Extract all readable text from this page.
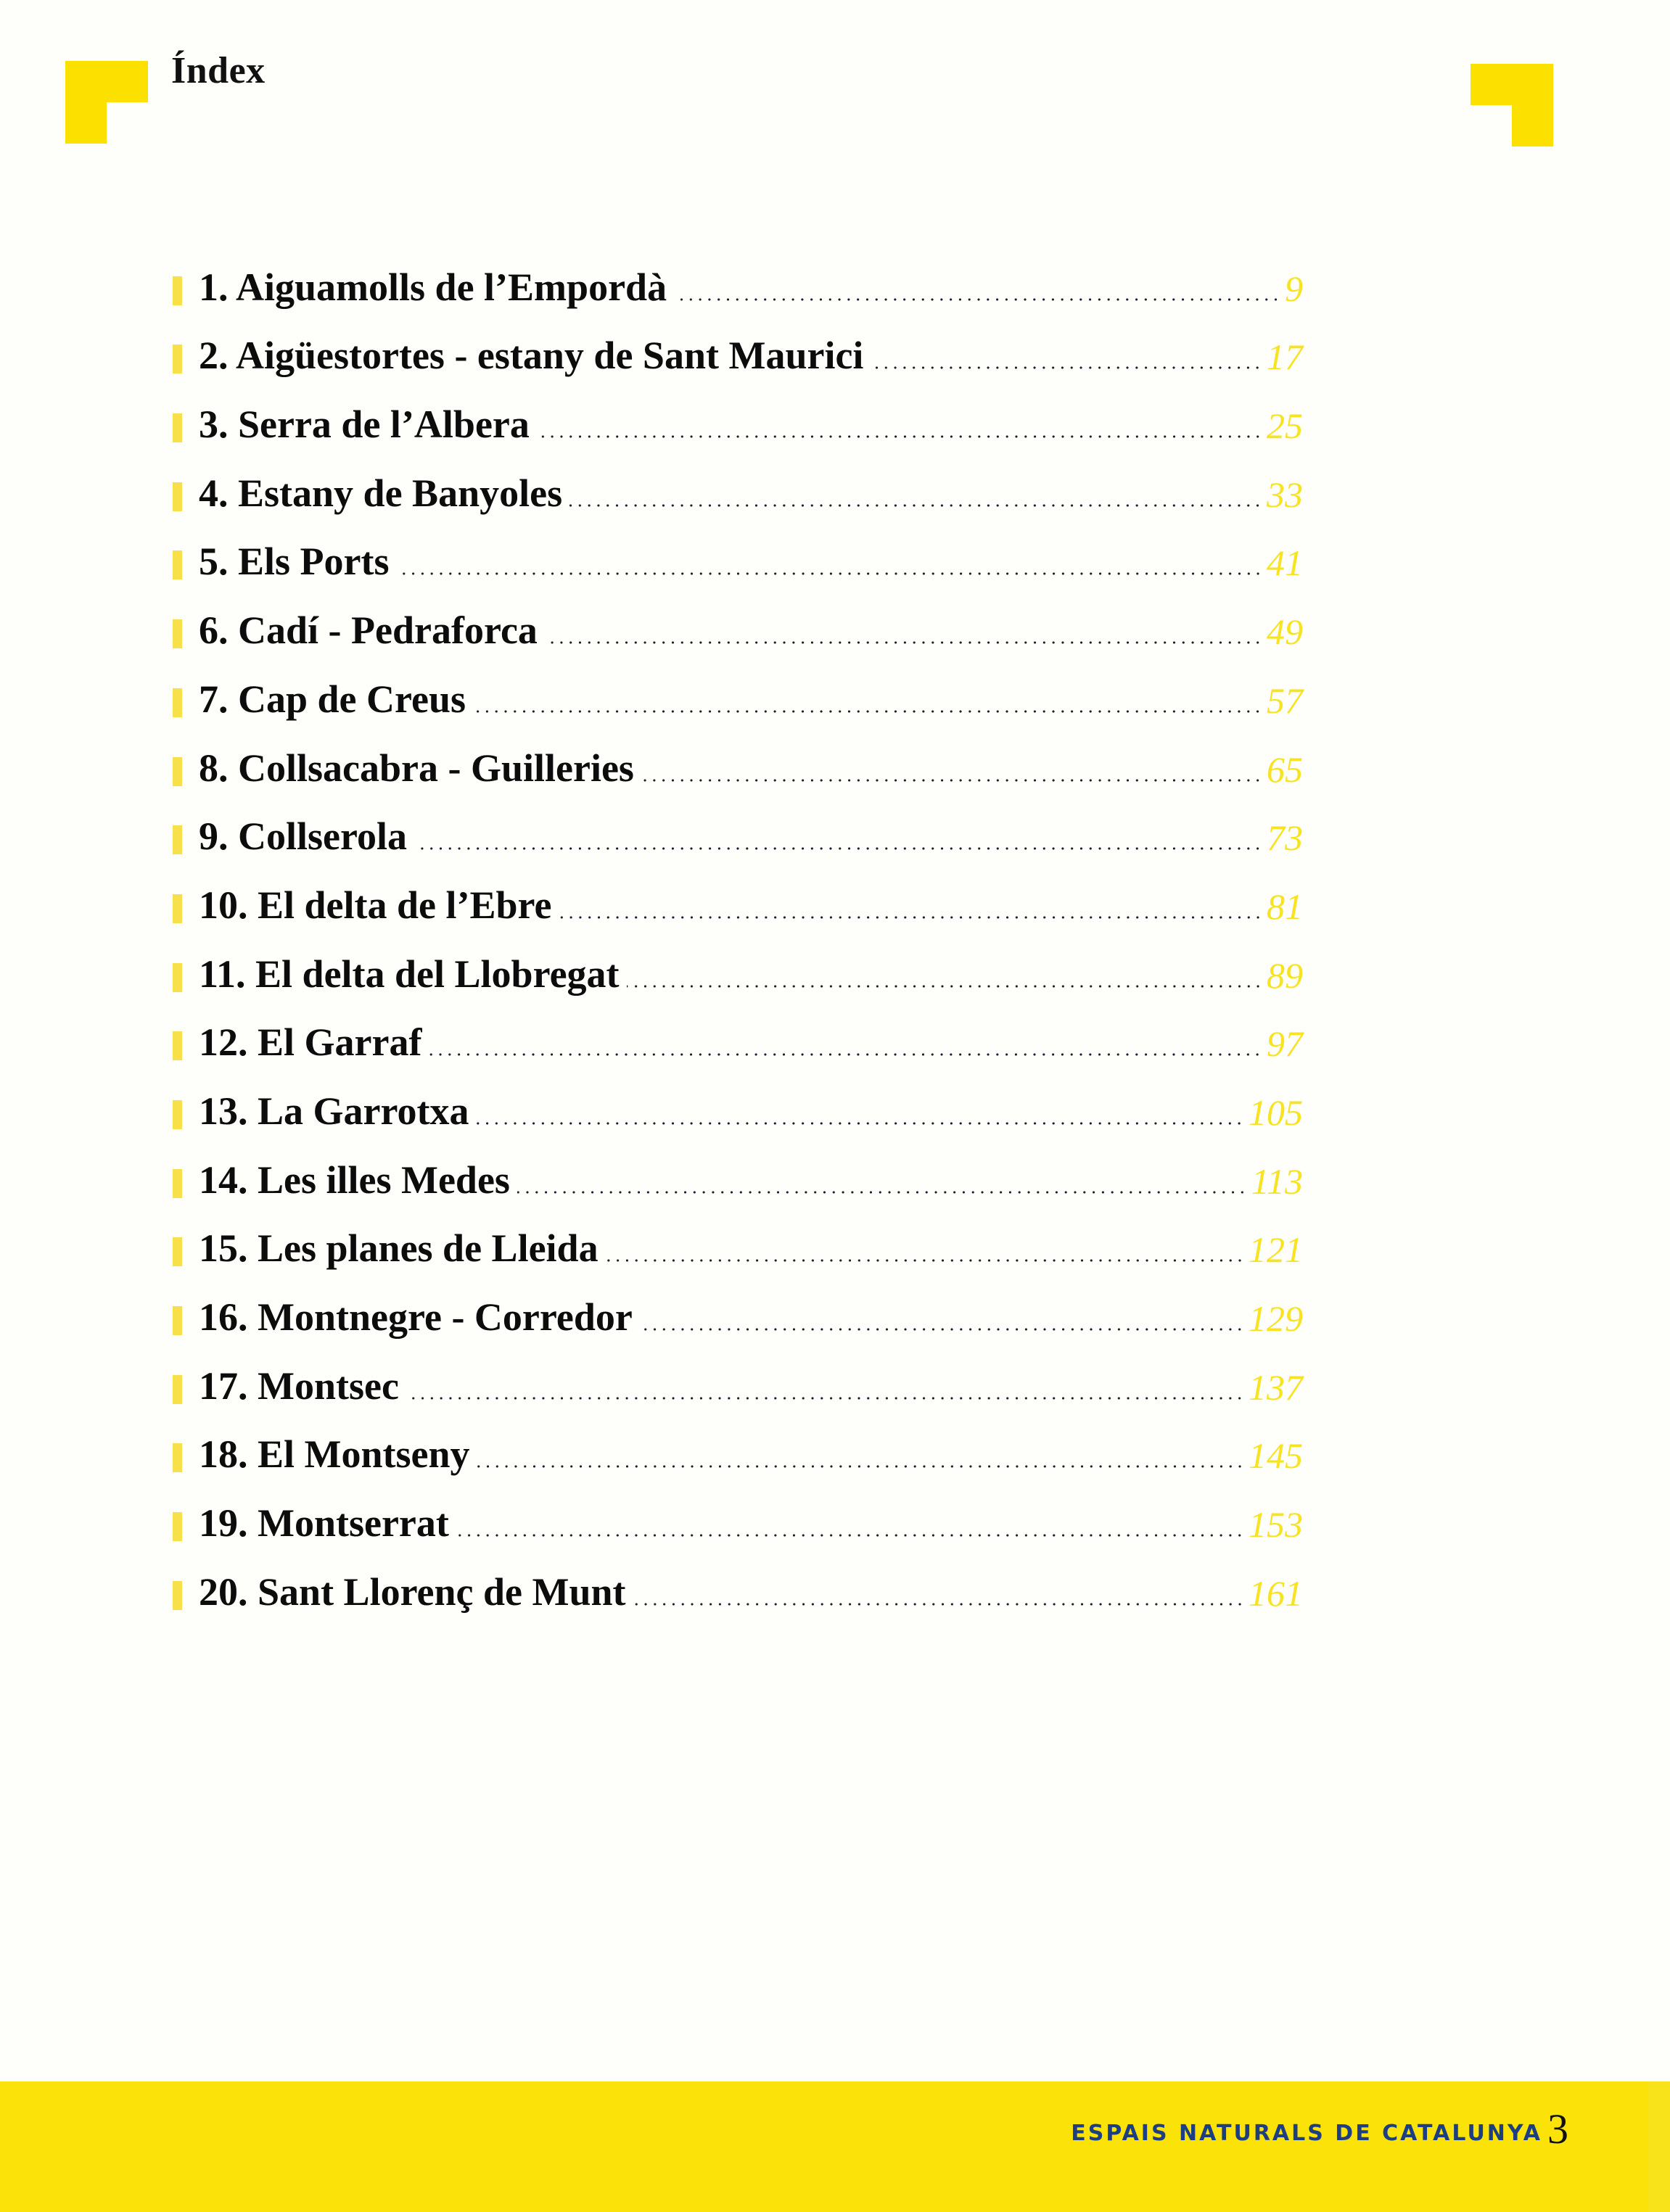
Índex
1. Aiguamolls de l’Empordà	9
2. Aigüestortes - estany de Sant Maurici	17
3. Serra de l’Albera	25
4. Estany de Banyoles	33
5. Els Ports	41
6. Cadí - Pedraforca	49
7. Cap de Creus	57
8. Collsacabra - Guilleries	65
9. Collserola	73
10. El delta de l’Ebre	81
11. El delta del Llobregat	89
12. El Garraf	97
13. La Garrotxa	105
14. Les illes Medes	113
15. Les planes de Lleida	121
16. Montnegre - Corredor	129
17. Montsec	137
18. El Montseny	145
19. Montserrat	153
20. Sant Llorenç de Munt	161
ESPAIS NATURALS DE CATALUNYA 3
